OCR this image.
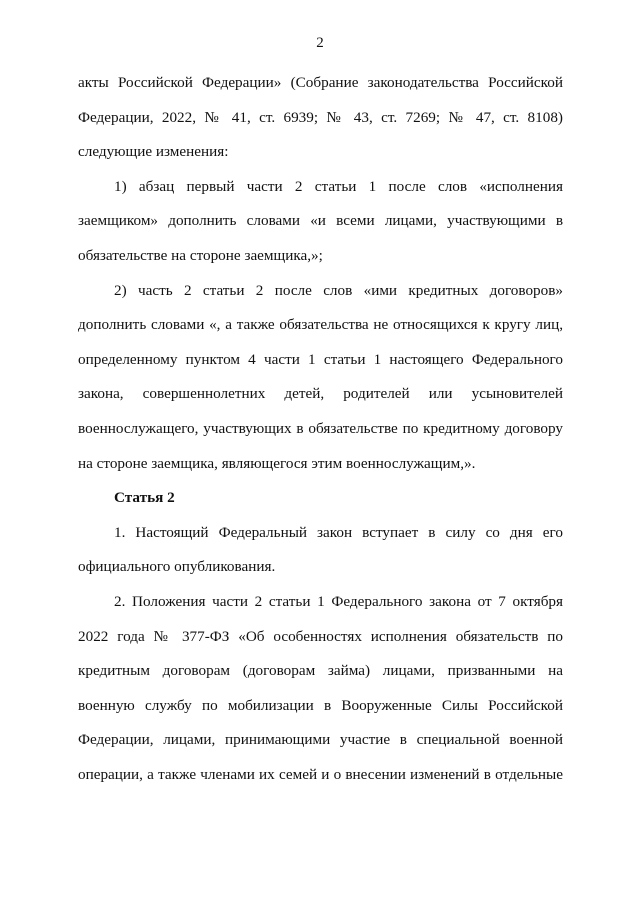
2
акты Российской Федерации» (Собрание законодательства Российской
Федерации, 2022, № 41, ст. 6939; № 43, ст. 7269; № 47, ст. 8108)
следующие изменения:
1) абзац первый части 2 статьи 1 после слов «исполнения
заемщиком» дополнить словами «и всеми лицами, участвующими в
обязательстве на стороне заемщика,»;
2) часть 2 статьи 2 после слов «ими кредитных договоров»
дополнить словами «, а также обязательства не относящихся к кругу лиц,
определенному пунктом 4 части 1 статьи 1 настоящего Федерального
закона, совершеннолетних детей, родителей или усыновителей
военнослужащего, участвующих в обязательстве по кредитному договору
на стороне заемщика, являющегося этим военнослужащим,».
Статья 2
1. Настоящий Федеральный закон вступает в силу со дня его
официального опубликования.
2. Положения части 2 статьи 1 Федерального закона от 7 октября
2022 года № 377-ФЗ «Об особенностях исполнения обязательств по
кредитным договорам (договорам займа) лицами, призванными на
военную службу по мобилизации в Вооруженные Силы Российской
Федерации, лицами, принимающими участие в специальной военной
операции, а также членами их семей и о внесении изменений в отдельные
